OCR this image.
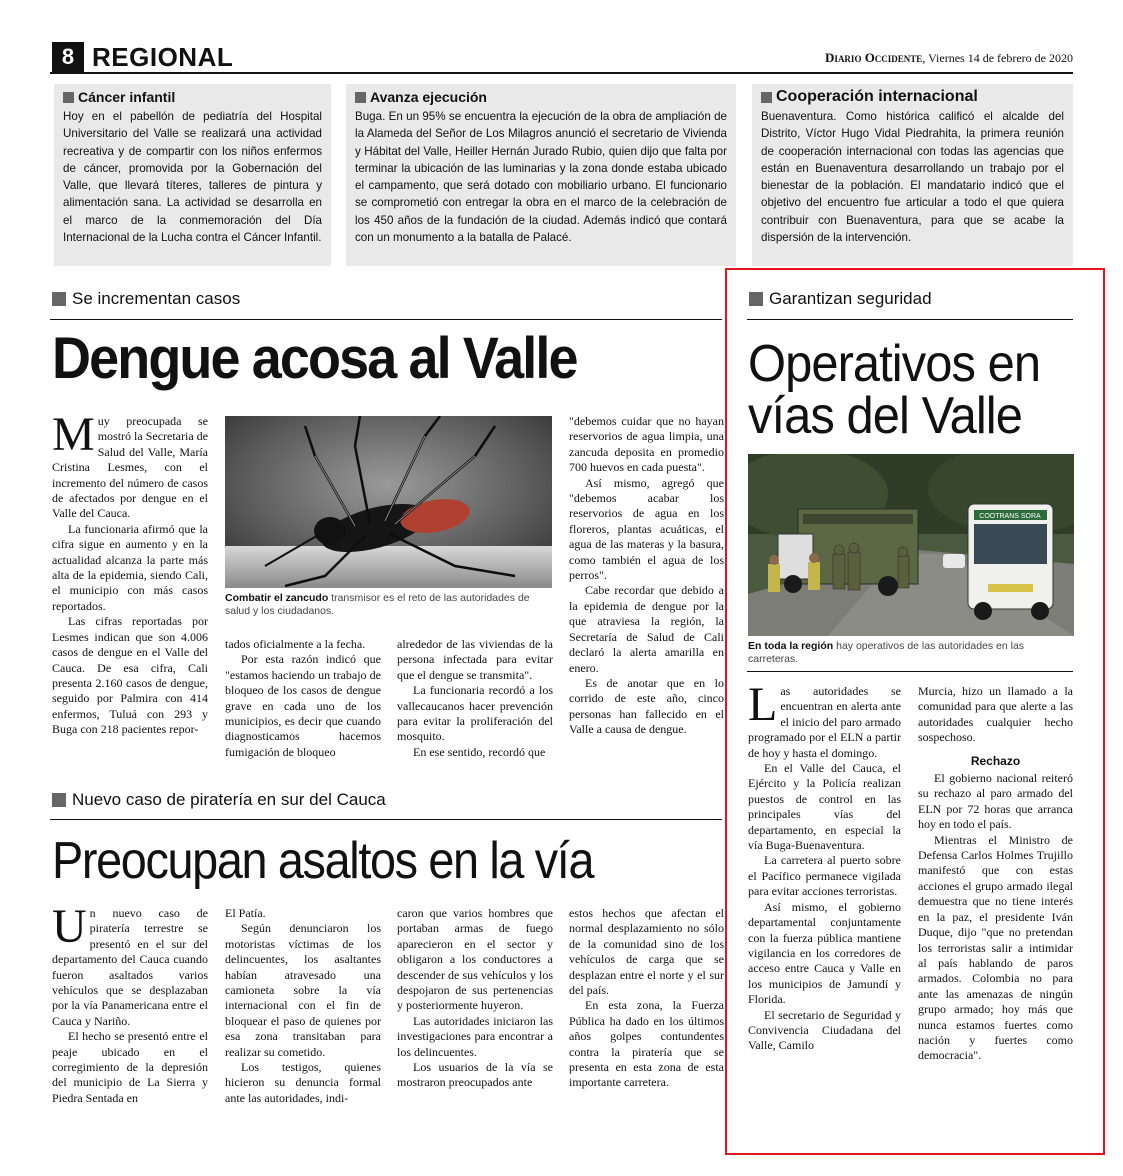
8 REGIONAL	Diario Occidente, Viernes 14 de febrero de 2020
Cáncer infantil

Hoy en el pabellón de pediatría del Hospital Universitario del Valle se realizará una actividad recreativa y de compartir con los niños enfermos de cáncer, promovida por la Gobernación del Valle, que llevará títeres, talleres de pintura y alimentación sana. La actividad se desarrolla en el marco de la conmemoración del Día Internacional de la Lucha contra el Cáncer Infantil.

Avanza ejecución

Buga. En un 95% se encuentra la ejecución de la obra de ampliación de la Alameda del Señor de Los Milagros anunció el secretario de Vivienda y Hábitat del Valle, Heiller Hernán Jurado Rubio, quien dijo que falta por terminar la ubicación de las luminarias y la zona donde estaba ubicado el campamento, que será dotado con mobiliario urbano. El funcionario se comprometió con entregar la obra en el marco de la celebración de los 450 años de la fundación de la ciudad. Además indicó que contará con un monumento a la batalla de Palacé.

Cooperación internacional

Buenaventura. Como histórica calificó el alcalde del Distrito, Víctor Hugo Vidal Piedrahita, la primera reunión de cooperación internacional con todas las agencias que están en Buenaventura desarrollando un trabajo por el bienestar de la población. El mandatario indicó que el objetivo del encuentro fue articular a todo el que quiera contribuir con Buenaventura, para que se acabe la dispersión de la intervención.

Se incrementan casos
Dengue acosa al Valle

Muy preocupada se mostró la Secretaria de Salud del Valle, María Cristina Lesmes, con el incremento del número de casos de afectados por dengue en el Valle del Cauca.

La funcionaria afirmó que la cifra sigue en aumento y en la actualidad alcanza la parte más alta de la epidemia, siendo Cali, el municipio con más casos reportados.

Las cifras reportadas por Lesmes indican que son 4.006 casos de dengue en el Valle del Cauca. De esa cifra, Cali presenta 2.160 casos de dengue, seguido por Palmira con 414 enfermos, Tuluá con 293 y Buga con 218 pacientes repor-

Combatir el zancudo transmisor es el reto de las autoridades de salud y los ciudadanos.

tados oficialmente a la fecha.

Por esta razón indicó que "estamos haciendo un trabajo de bloqueo de los casos de dengue grave en cada uno de los municipios, es decir que cuando diagnosticamos hacemos fumigación de bloqueo

alrededor de las viviendas de la persona infectada para evitar que el dengue se transmita".

La funcionaria recordó a los vallecaucanos hacer prevención para evitar la proliferación del mosquito.

En ese sentido, recordó que

"debemos cuidar que no hayan reservorios de agua limpia, una zancuda deposita en promedio 700 huevos en cada puesta".

Así mismo, agregó que "debemos acabar los reservorios de agua en los floreros, plantas acuáticas, el agua de las materas y la basura, como también el agua de los perros".

Cabe recordar que debido a la epidemia de dengue por la que atraviesa la región, la Secretaría de Salud de Cali declaró la alerta amarilla en enero.

Es de anotar que en lo corrido de este año, cinco personas han fallecido en el Valle a causa de dengue.

Nuevo caso de piratería en sur del Cauca
Preocupan asaltos en la vía

Un nuevo caso de piratería terrestre se presentó en el sur del departamento del Cauca cuando fueron asaltados varios vehículos que se desplazaban por la vía Panamericana entre el Cauca y Nariño.

El hecho se presentó entre el peaje ubicado en el corregimiento de la depresión del municipio de La Sierra y Piedra Sentada en

El Patía.

Según denunciaron los motoristas víctimas de los delincuentes, los asaltantes habían atravesado una camioneta sobre la vía internacional con el fin de bloquear el paso de quienes por esa zona transitaban para realizar su cometido.

Los testigos, quienes hicieron su denuncia formal ante las autoridades, indi-

caron que varios hombres que portaban armas de fuego aparecieron en el sector y obligaron a los conductores a descender de sus vehículos y los despojaron de sus pertenencias y posteriormente huyeron.

Las autoridades iniciaron las investigaciones para encontrar a los delincuentes.

Los usuarios de la vía se mostraron preocupados ante

estos hechos que afectan el normal desplazamiento no sólo de la comunidad sino de los vehículos de carga que se desplazan entre el norte y el sur del país.

En esta zona, la Fuerza Pública ha dado en los últimos años golpes contundentes contra la piratería que se presenta en esta zona de esta importante carretera.

Garantizan seguridad
Operativos en vías del Valle
COOTRANS SORA
En toda la región hay operativos de las autoridades en las carreteras.

Las autoridades se encuentran en alerta ante el inicio del paro armado programado por el ELN a partir de hoy y hasta el domingo.

En el Valle del Cauca, el Ejército y la Policía realizan puestos de control en las principales vías del departamento, en especial la vía Buga-Buenaventura.

La carretera al puerto sobre el Pacífico permanece vigilada para evitar acciones terroristas.

Así mismo, el gobierno departamental conjuntamente con la fuerza pública mantiene vigilancia en los corredores de acceso entre Cauca y Valle en los municipios de Jamundí y Florida.

El secretario de Seguridad y Convivencia Ciudadana del Valle, Camilo

Murcia, hizo un llamado a la comunidad para que alerte a las autoridades cualquier hecho sospechoso.

Rechazo

El gobierno nacional reiteró su rechazo al paro armado del ELN por 72 horas que arranca hoy en todo el país.

Mientras el Ministro de Defensa Carlos Holmes Trujillo manifestó que con estas acciones el grupo armado ilegal demuestra que no tiene interés en la paz, el presidente Iván Duque, dijo "que no pretendan los terroristas salir a intimidar al país hablando de paros armados. Colombia no para ante las amenazas de ningún grupo armado; hoy más que nunca estamos fuertes como nación y fuertes como democracia".
